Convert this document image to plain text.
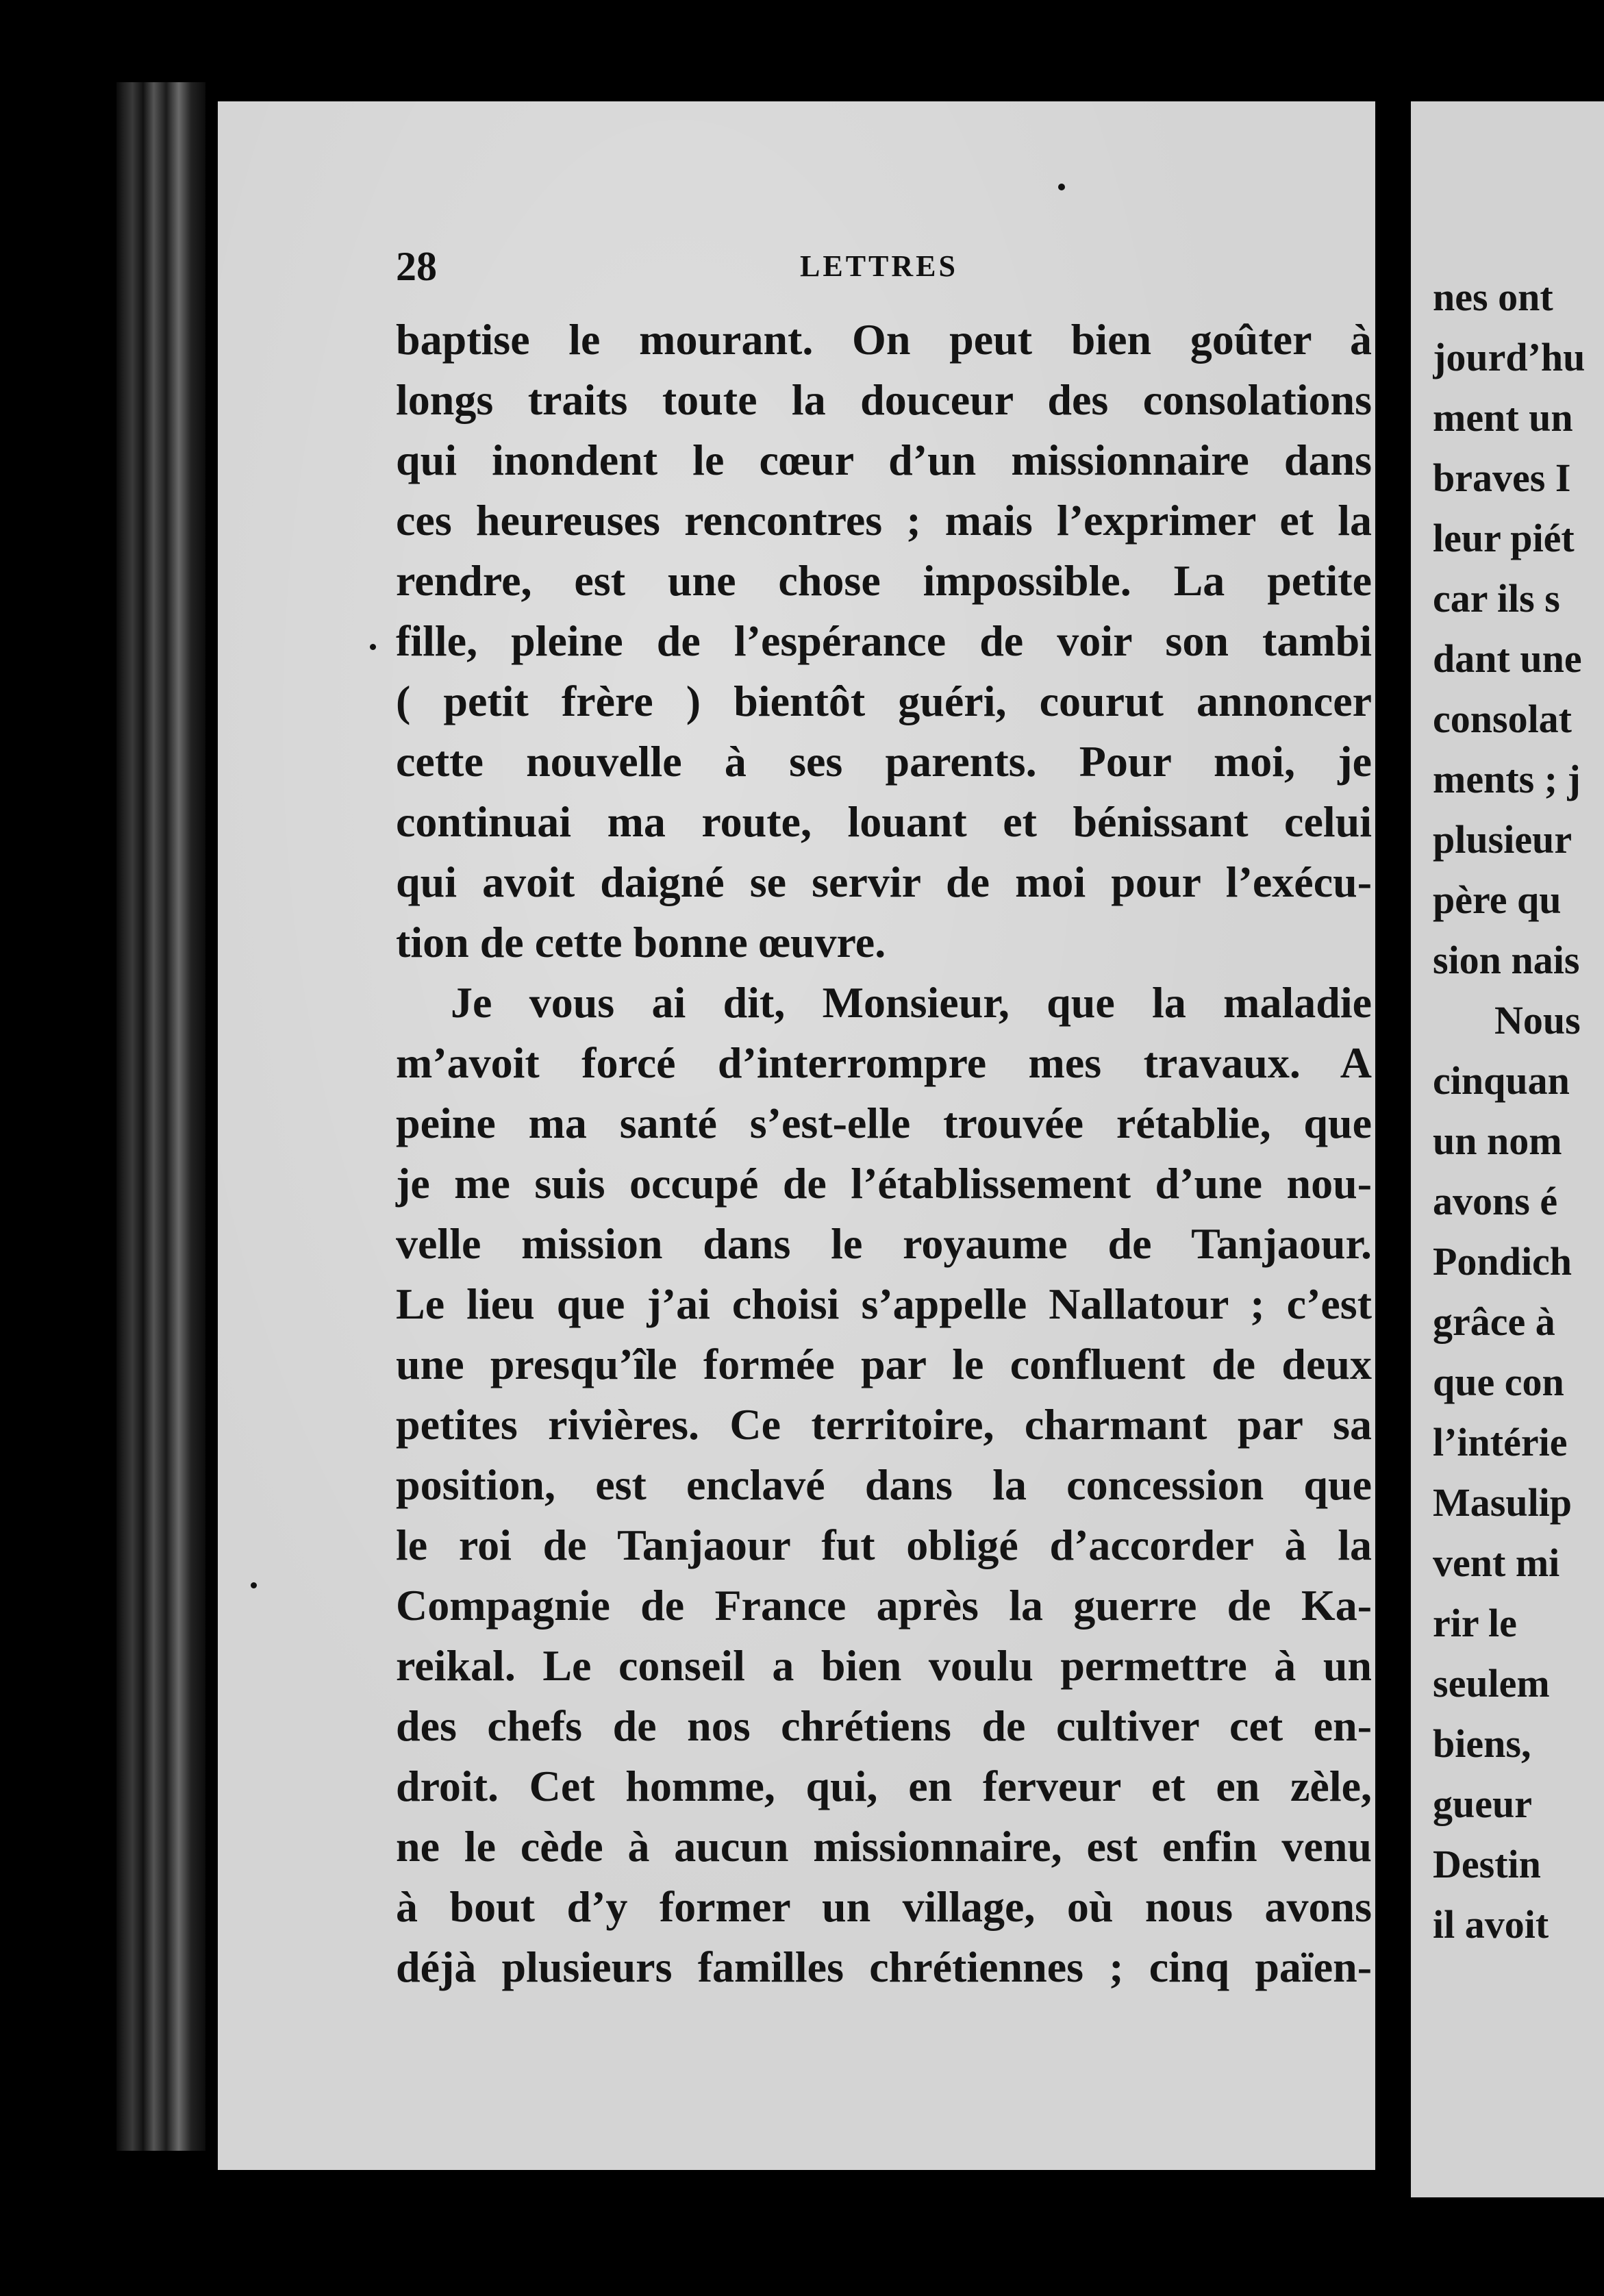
28	LETTRES
baptise le mourant. On peut bien goûter à
longs traits toute la douceur des consolations
qui inondent le cœur d’un missionnaire dans
ces heureuses rencontres ; mais l’exprimer et la
rendre, est une chose impossible. La petite
fille, pleine de l’espérance de voir son tambi
( petit frère ) bientôt guéri, courut annoncer
cette nouvelle à ses parents. Pour moi, je
continuai ma route, louant et bénissant celui
qui avoit daigné se servir de moi pour l’exécu-
tion de cette bonne œuvre.
Je vous ai dit, Monsieur, que la maladie
m’avoit forcé d’interrompre mes travaux. A
peine ma santé s’est-elle trouvée rétablie, que
je me suis occupé de l’établissement d’une nou-
velle mission dans le royaume de Tanjaour.
Le lieu que j’ai choisi s’appelle Nallatour ; c’est
une presqu’île formée par le confluent de deux
petites rivières. Ce territoire, charmant par sa
position, est enclavé dans la concession que
le roi de Tanjaour fut obligé d’accorder à la
Compagnie de France après la guerre de Ka-
reikal. Le conseil a bien voulu permettre à un
des chefs de nos chrétiens de cultiver cet en-
droit. Cet homme, qui, en ferveur et en zèle,
ne le cède à aucun missionnaire, est enfin venu
à bout d’y former un village, où nous avons
déjà plusieurs familles chrétiennes ; cinq païen-
nes ont
jourd’hu
ment un
braves I
leur piét
car ils s
dant une
consolat
ments ; j
plusieur
père qu
sion nais
Nous
cinquan
un nom
avons é
Pondich
grâce à
que con
l’intérie
Masulip
vent mi
rir le
seulem
biens,
gueur
Destin
il avoit
